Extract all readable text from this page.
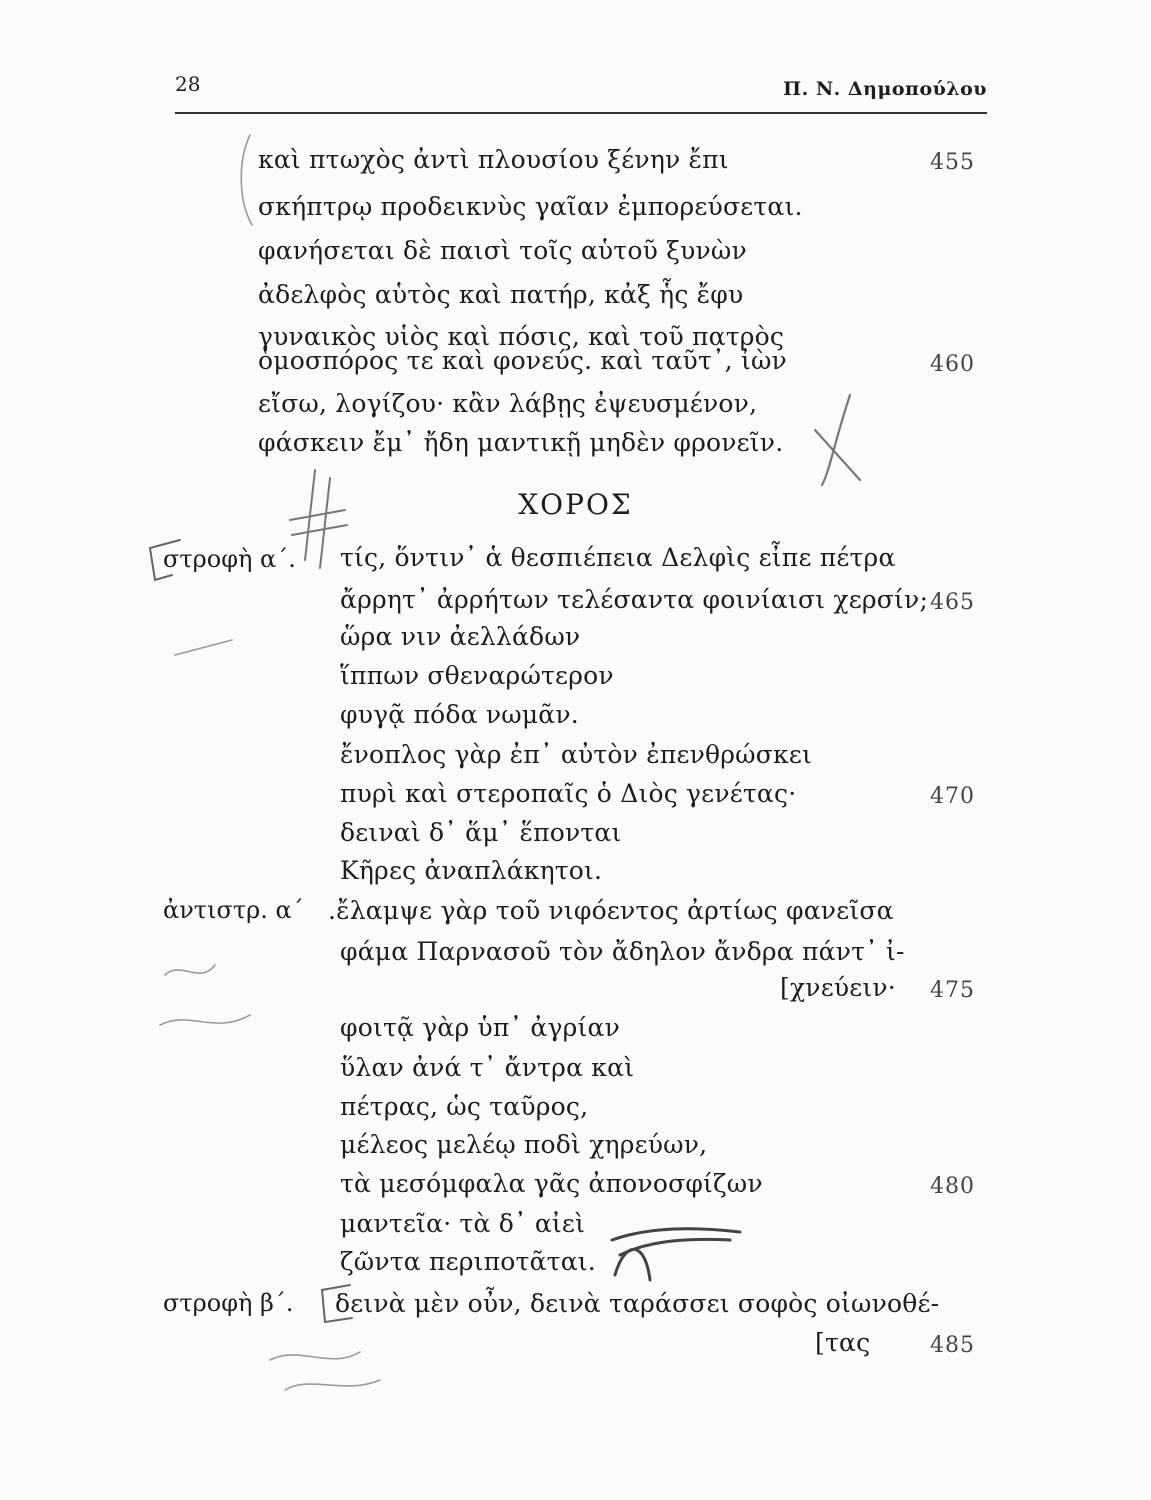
28	Π. Ν. Δημοπούλου
καὶ πτωχὸς ἀντὶ πλουσίου ξένην ἔπι	455
σκήπτρῳ προδεικνὺς γαῖαν ἐμπορεύσεται.
φανήσεται δὲ παισὶ τοῖς αὑτοῦ ξυνὼν
ἀδελφὸς αὑτὸς καὶ πατήρ, κἀξ ἧς ἔφυ
γυναικὸς υἱὸς καὶ πόσις, καὶ τοῦ πατρὸς
ὁμοσπόρος τε καὶ φονεύς. καὶ ταῦτ᾽, ἰὼν	460
εἴσω, λογίζου· κἂν λάβῃς ἐψευσμένον,
φάσκειν ἔμ᾽ ἤδη μαντικῇ μηδὲν φρονεῖν.
ΧΟΡΟΣ
στροφὴ α΄. τίς, ὅντιν᾽ ἁ θεσπιέπεια Δελφὶς εἶπε πέτρα
ἄρρητ᾽ ἀρρήτων τελέσαντα φοινίαισι χερσίν; 465
ὥρα νιν ἀελλάδων
ἵππων σθεναρώτερον
φυγᾷ πόδα νωμᾶν.
ἔνοπλος γὰρ ἐπ᾽ αὐτὸν ἐπενθρώσκει
πυρὶ καὶ στεροπαῖς ὁ Διὸς γενέτας·	470
δειναὶ δ᾽ ἅμ᾽ ἕπονται
Κῆρες ἀναπλάκητοι.
ἀντιστρ. α΄ .ἔλαμψε γὰρ τοῦ νιφόεντος ἀρτίως φανεῖσα
φάμα Παρνασοῦ τὸν ἄδηλον ἄνδρα πάντ᾽ ἰ-
[χνεύειν· 475
φοιτᾷ γὰρ ὑπ᾽ ἀγρίαν
ὕλαν ἀνά τ᾽ ἄντρα καὶ
πέτρας, ὡς ταῦρος,
μέλεος μελέῳ ποδὶ χηρεύων,
τὰ μεσόμφαλα γᾶς ἀπονοσφίζων	480
μαντεῖα· τὰ δ᾽ αἰεὶ
ζῶντα περιποτᾶται.
στροφὴ β΄. δεινὰ μὲν οὖν, δεινὰ ταράσσει σοφὸς οἰωνοθέ-
[τας	485
